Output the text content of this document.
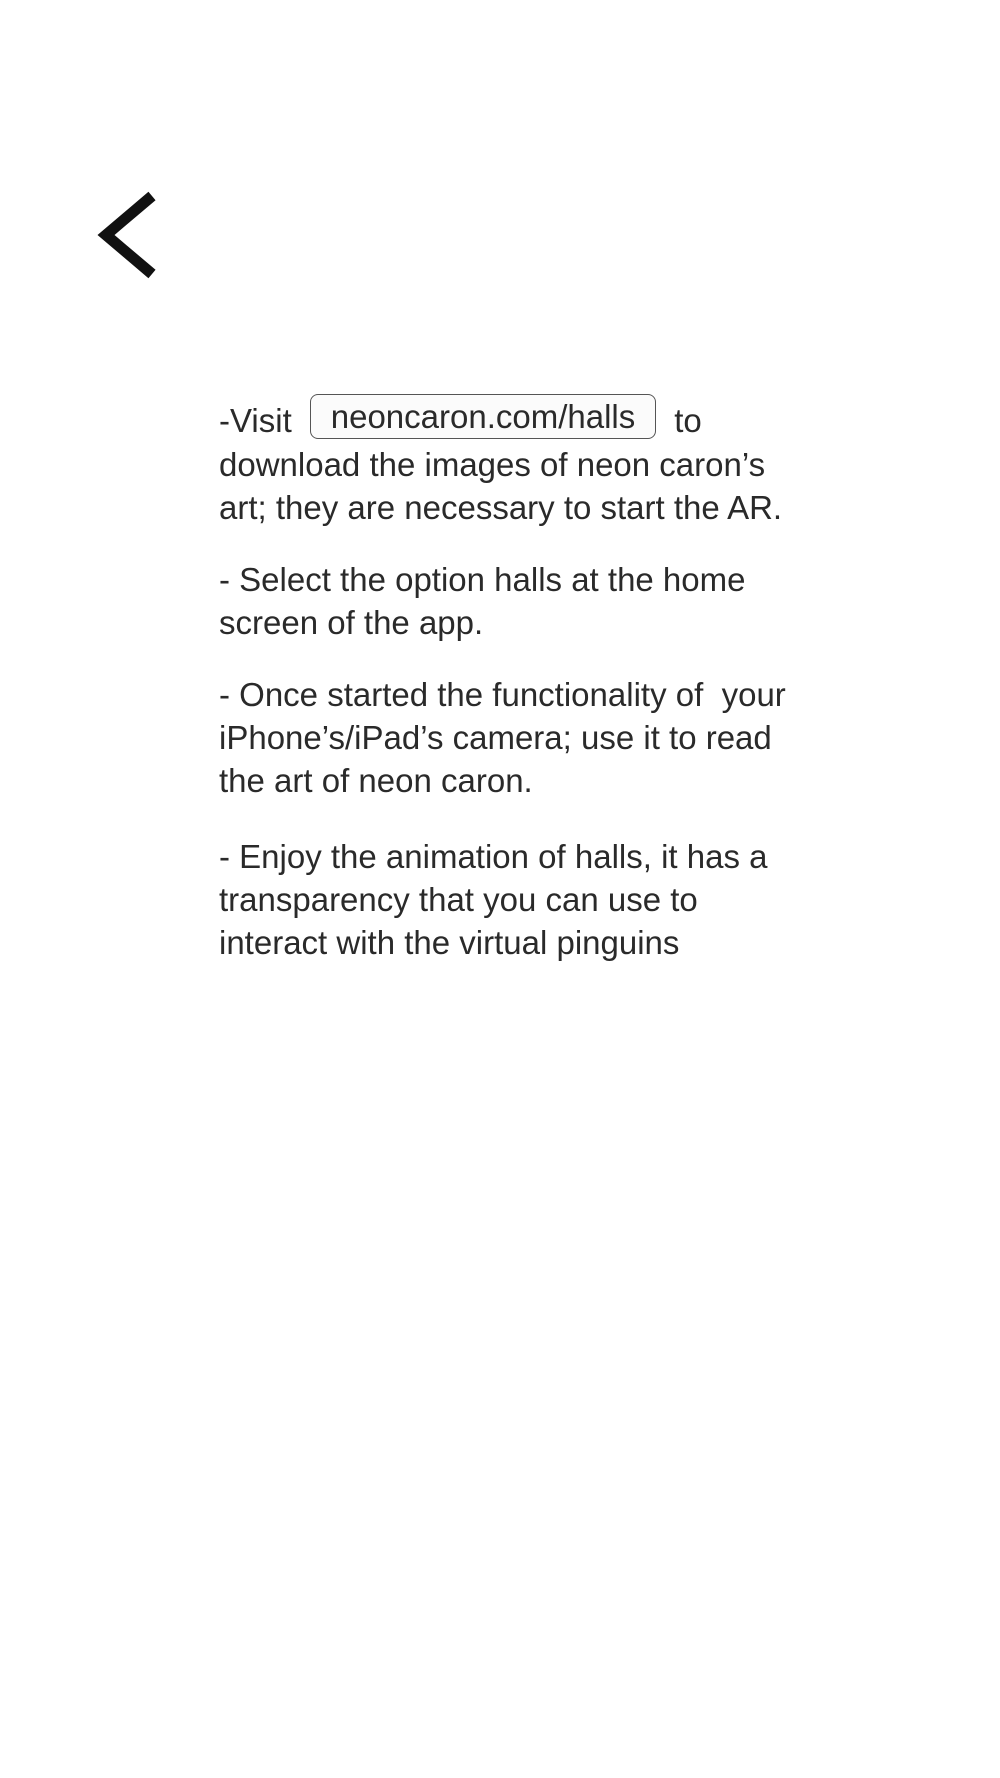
-Visit neoncaron.com/halls to
download the images of neon caron’s
art; they are necessary to start the AR.

- Select the option halls at the home
screen of the app.

- Once started the functionality of  your
iPhone’s/iPad’s camera; use it to read
the art of neon caron.

- Enjoy the animation of halls, it has a
transparency that you can use to
interact with the virtual pinguins
